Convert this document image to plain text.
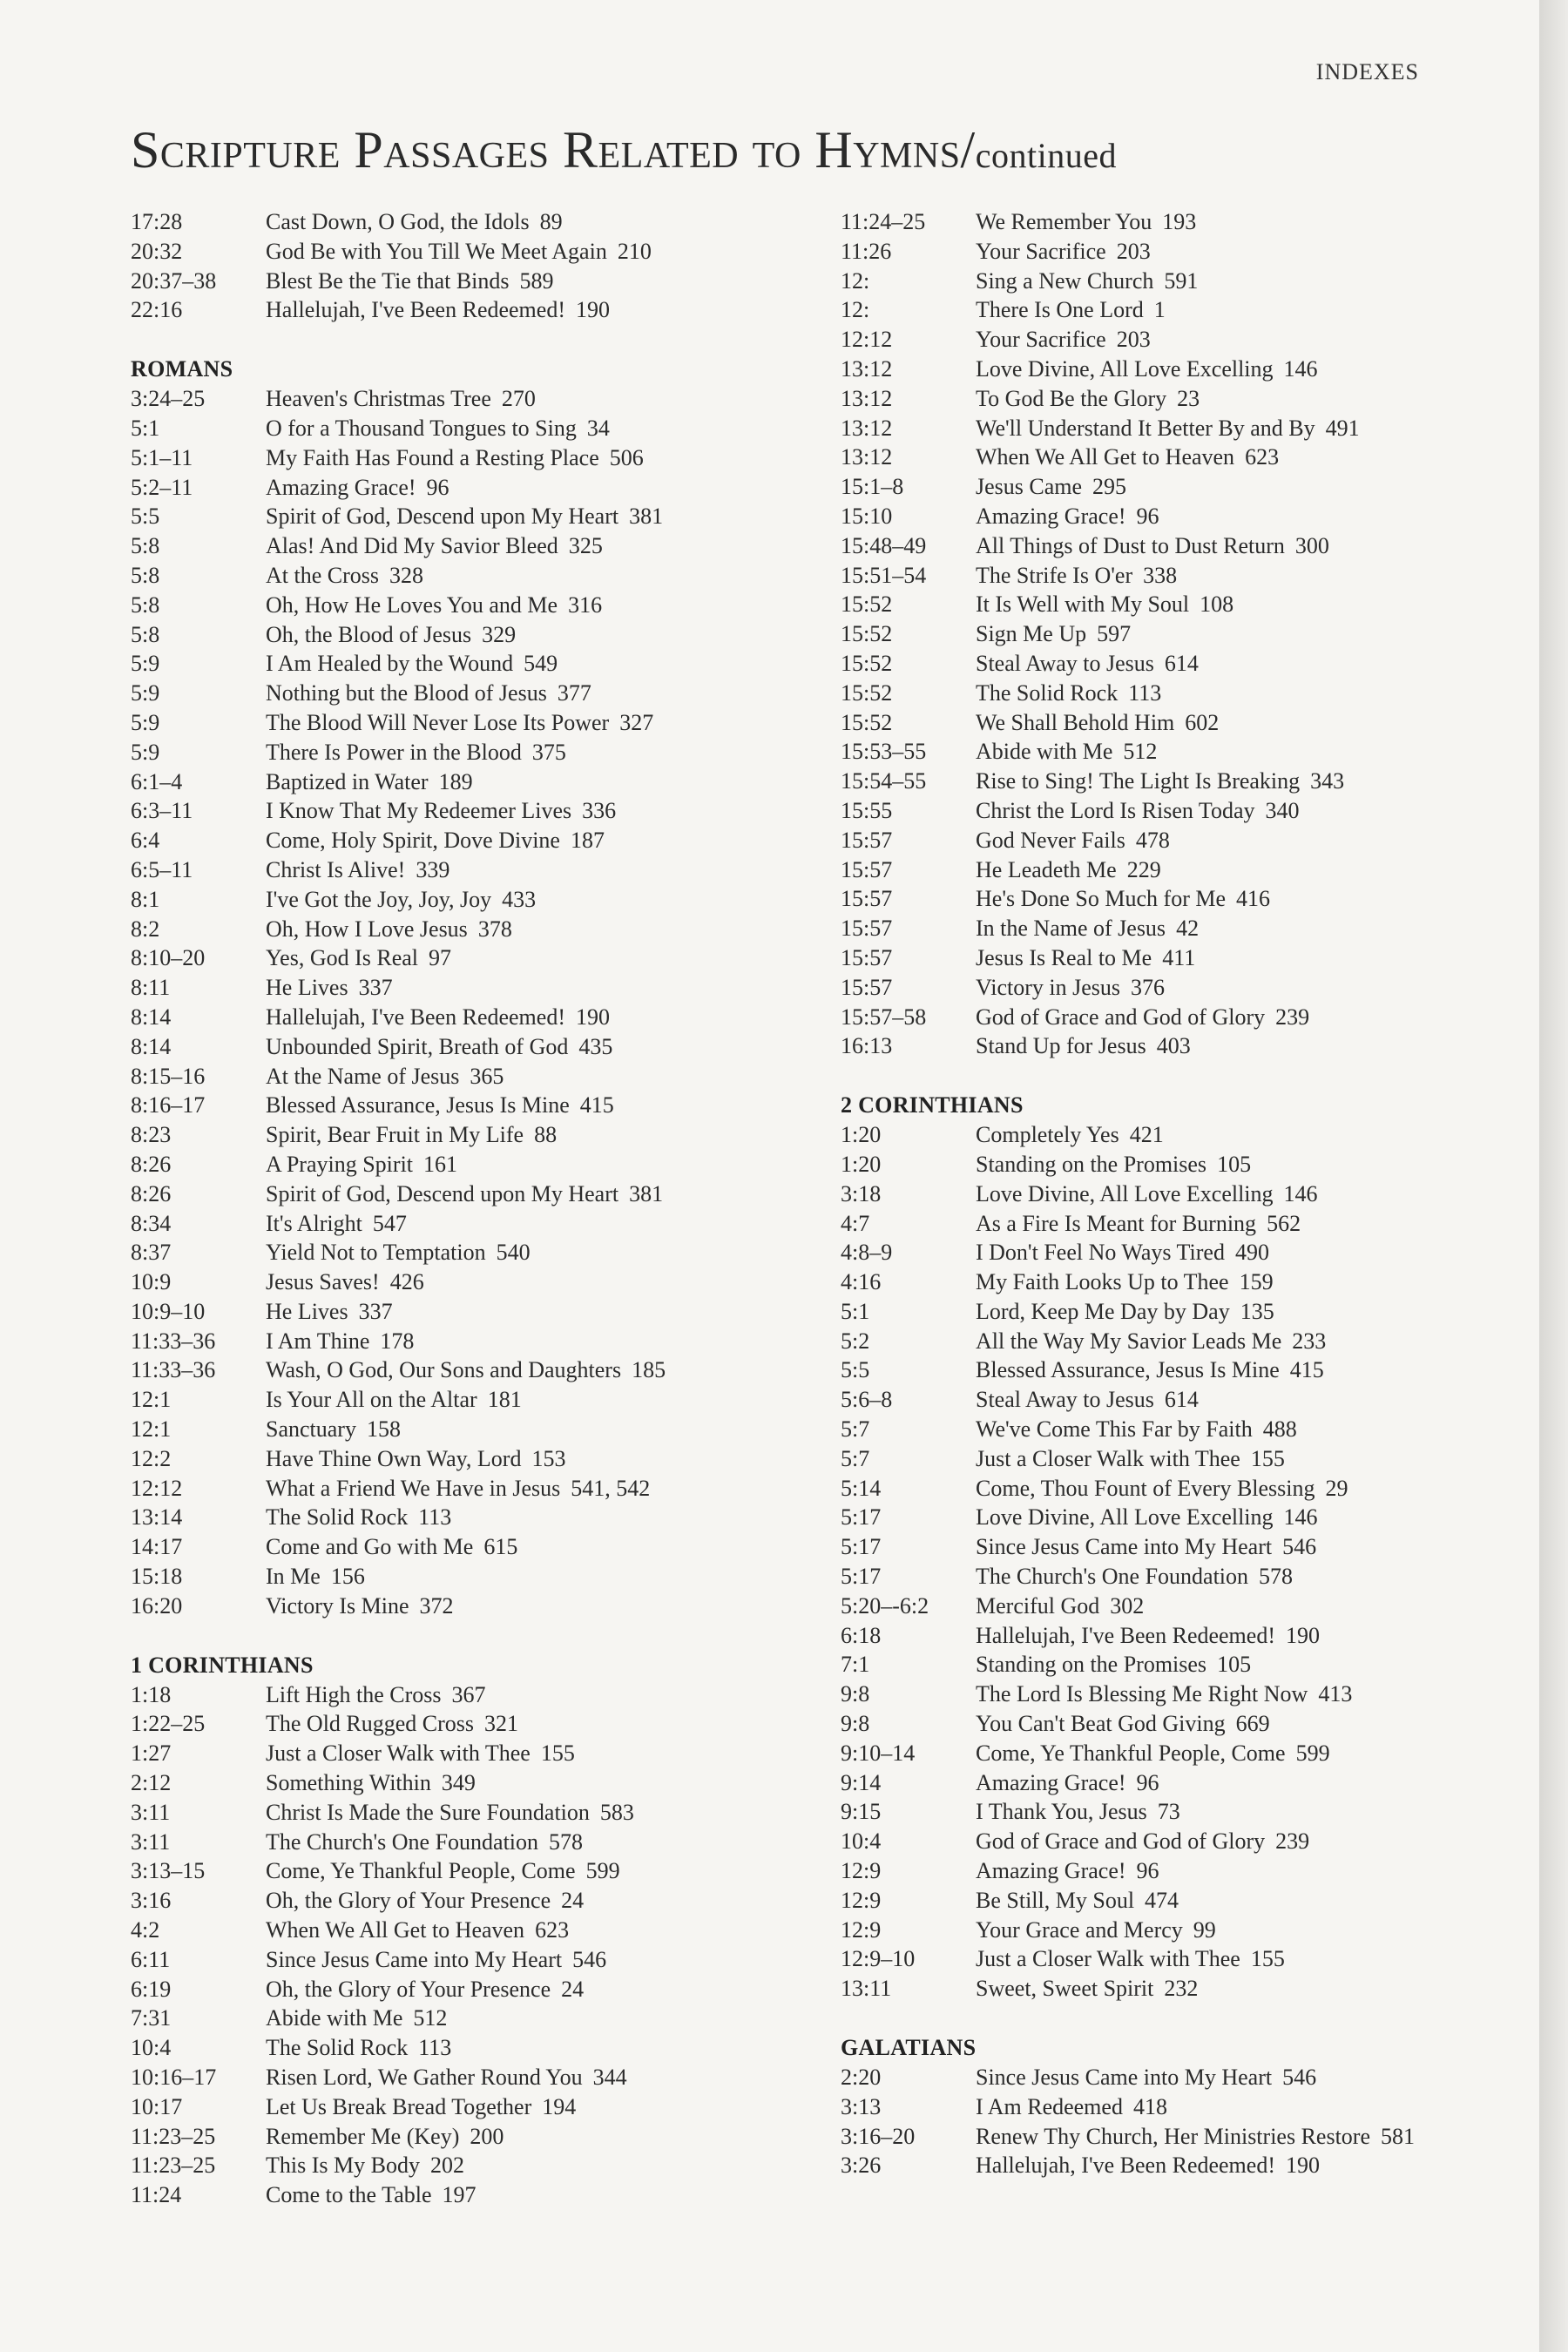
INDEXES
Scripture Passages Related to Hymns/continued
17:28	Cast Down, O God, the Idols 89
20:32	God Be with You Till We Meet Again 210
20:37–38	Blest Be the Tie that Binds 589
22:16	Hallelujah, I've Been Redeemed! 190
ROMANS
3:24–25	Heaven's Christmas Tree 270
5:1	O for a Thousand Tongues to Sing 34
5:1–11	My Faith Has Found a Resting Place 506
5:2–11	Amazing Grace! 96
5:5	Spirit of God, Descend upon My Heart 381
5:8	Alas! And Did My Savior Bleed 325
5:8	At the Cross 328
5:8	Oh, How He Loves You and Me 316
5:8	Oh, the Blood of Jesus 329
5:9	I Am Healed by the Wound 549
5:9	Nothing but the Blood of Jesus 377
5:9	The Blood Will Never Lose Its Power 327
5:9	There Is Power in the Blood 375
6:1–4	Baptized in Water 189
6:3–11	I Know That My Redeemer Lives 336
6:4	Come, Holy Spirit, Dove Divine 187
6:5–11	Christ Is Alive! 339
8:1	I've Got the Joy, Joy, Joy 433
8:2	Oh, How I Love Jesus 378
8:10–20	Yes, God Is Real 97
8:11	He Lives 337
8:14	Hallelujah, I've Been Redeemed! 190
8:14	Unbounded Spirit, Breath of God 435
8:15–16	At the Name of Jesus 365
8:16–17	Blessed Assurance, Jesus Is Mine 415
8:23	Spirit, Bear Fruit in My Life 88
8:26	A Praying Spirit 161
8:26	Spirit of God, Descend upon My Heart 381
8:34	It's Alright 547
8:37	Yield Not to Temptation 540
10:9	Jesus Saves! 426
10:9–10	He Lives 337
11:33–36	I Am Thine 178
11:33–36	Wash, O God, Our Sons and Daughters 185
12:1	Is Your All on the Altar 181
12:1	Sanctuary 158
12:2	Have Thine Own Way, Lord 153
12:12	What a Friend We Have in Jesus 541, 542
13:14	The Solid Rock 113
14:17	Come and Go with Me 615
15:18	In Me 156
16:20	Victory Is Mine 372
1 CORINTHIANS
1:18	Lift High the Cross 367
1:22–25	The Old Rugged Cross 321
1:27	Just a Closer Walk with Thee 155
2:12	Something Within 349
3:11	Christ Is Made the Sure Foundation 583
3:11	The Church's One Foundation 578
3:13–15	Come, Ye Thankful People, Come 599
3:16	Oh, the Glory of Your Presence 24
4:2	When We All Get to Heaven 623
6:11	Since Jesus Came into My Heart 546
6:19	Oh, the Glory of Your Presence 24
7:31	Abide with Me 512
10:4	The Solid Rock 113
10:16–17	Risen Lord, We Gather Round You 344
10:17	Let Us Break Bread Together 194
11:23–25	Remember Me (Key) 200
11:23–25	This Is My Body 202
11:24	Come to the Table 197
11:24–25	We Remember You 193
11:26	Your Sacrifice 203
12:	Sing a New Church 591
12:	There Is One Lord 1
12:12	Your Sacrifice 203
13:12	Love Divine, All Love Excelling 146
13:12	To God Be the Glory 23
13:12	We'll Understand It Better By and By 491
13:12	When We All Get to Heaven 623
15:1–8	Jesus Came 295
15:10	Amazing Grace! 96
15:48–49	All Things of Dust to Dust Return 300
15:51–54	The Strife Is O'er 338
15:52	It Is Well with My Soul 108
15:52	Sign Me Up 597
15:52	Steal Away to Jesus 614
15:52	The Solid Rock 113
15:52	We Shall Behold Him 602
15:53–55	Abide with Me 512
15:54–55	Rise to Sing! The Light Is Breaking 343
15:55	Christ the Lord Is Risen Today 340
15:57	God Never Fails 478
15:57	He Leadeth Me 229
15:57	He's Done So Much for Me 416
15:57	In the Name of Jesus 42
15:57	Jesus Is Real to Me 411
15:57	Victory in Jesus 376
15:57–58	God of Grace and God of Glory 239
16:13	Stand Up for Jesus 403
2 CORINTHIANS
1:20	Completely Yes 421
1:20	Standing on the Promises 105
3:18	Love Divine, All Love Excelling 146
4:7	As a Fire Is Meant for Burning 562
4:8–9	I Don't Feel No Ways Tired 490
4:16	My Faith Looks Up to Thee 159
5:1	Lord, Keep Me Day by Day 135
5:2	All the Way My Savior Leads Me 233
5:5	Blessed Assurance, Jesus Is Mine 415
5:6–8	Steal Away to Jesus 614
5:7	We've Come This Far by Faith 488
5:7	Just a Closer Walk with Thee 155
5:14	Come, Thou Fount of Every Blessing 29
5:17	Love Divine, All Love Excelling 146
5:17	Since Jesus Came into My Heart 546
5:17	The Church's One Foundation 578
5:20–-6:2	Merciful God 302
6:18	Hallelujah, I've Been Redeemed! 190
7:1	Standing on the Promises 105
9:8	The Lord Is Blessing Me Right Now 413
9:8	You Can't Beat God Giving 669
9:10–14	Come, Ye Thankful People, Come 599
9:14	Amazing Grace! 96
9:15	I Thank You, Jesus 73
10:4	God of Grace and God of Glory 239
12:9	Amazing Grace! 96
12:9	Be Still, My Soul 474
12:9	Your Grace and Mercy 99
12:9–10	Just a Closer Walk with Thee 155
13:11	Sweet, Sweet Spirit 232
GALATIANS
2:20	Since Jesus Came into My Heart 546
3:13	I Am Redeemed 418
3:16–20	Renew Thy Church, Her Ministries Restore 581
3:26	Hallelujah, I've Been Redeemed! 190
